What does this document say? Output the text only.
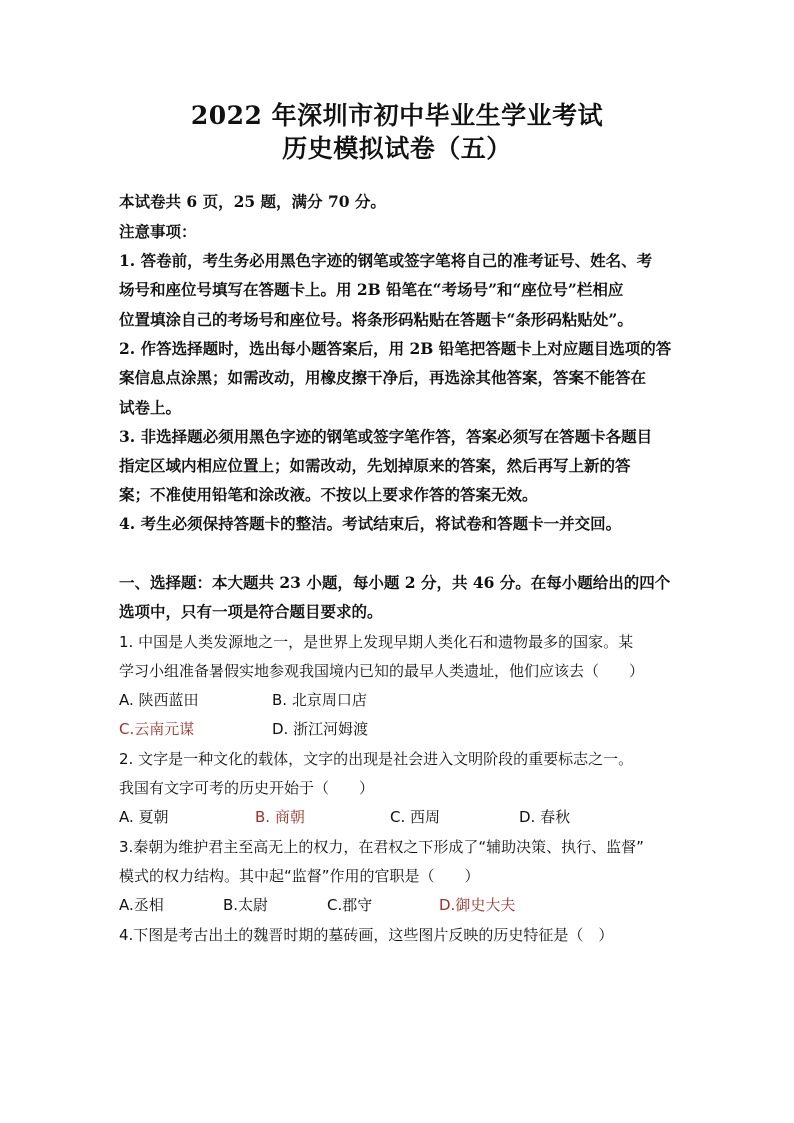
2022 年深圳市初中毕业生学业考试
历史模拟试卷（五）
本试卷共 6 页，25 题，满分 70 分。
注意事项：
1. 答卷前，考生务必用黑色字迹的钢笔或签字笔将自己的准考证号、姓名、考
场号和座位号填写在答题卡上。用 2B 铅笔在“考场号”和“座位号”栏相应
位置填涂自己的考场号和座位号。将条形码粘贴在答题卡“条形码粘贴处”。
2. 作答选择题时，选出每小题答案后，用 2B 铅笔把答题卡上对应题目选项的答
案信息点涂黑；如需改动，用橡皮擦干净后，再选涂其他答案，答案不能答在
试卷上。
3. 非选择题必须用黑色字迹的钢笔或签字笔作答，答案必须写在答题卡各题目
指定区域内相应位置上；如需改动，先划掉原来的答案，然后再写上新的答
案；不准使用铅笔和涂改液。不按以上要求作答的答案无效。
4. 考生必须保持答题卡的整洁。考试结束后，将试卷和答题卡一并交回。
一、选择题：本大题共 23 小题，每小题 2 分，共 46 分。在每小题给出的四个
选项中，只有一项是符合题目要求的。
1. 中国是人类发源地之一，是世界上发现早期人类化石和遗物最多的国家。某
学习小组准备暑假实地参观我国境内已知的最早人类遗址，他们应该去（　　）
A. 陕西蓝田	B. 北京周口店
C.云南元谋	D. 浙江河姆渡
2. 文字是一种文化的载体，文字的出现是社会进入文明阶段的重要标志之一。
我国有文字可考的历史开始于（　　）
A. 夏朝	B. 商朝	C. 西周	D. 春秋
3.秦朝为维护君主至高无上的权力，在君权之下形成了“辅助决策、执行、监督”
模式的权力结构。其中起“监督”作用的官职是（　　）
A.丞相	B.太尉	C.郡守	D.御史大夫
4.下图是考古出土的魏晋时期的墓砖画，这些图片反映的历史特征是（　）
